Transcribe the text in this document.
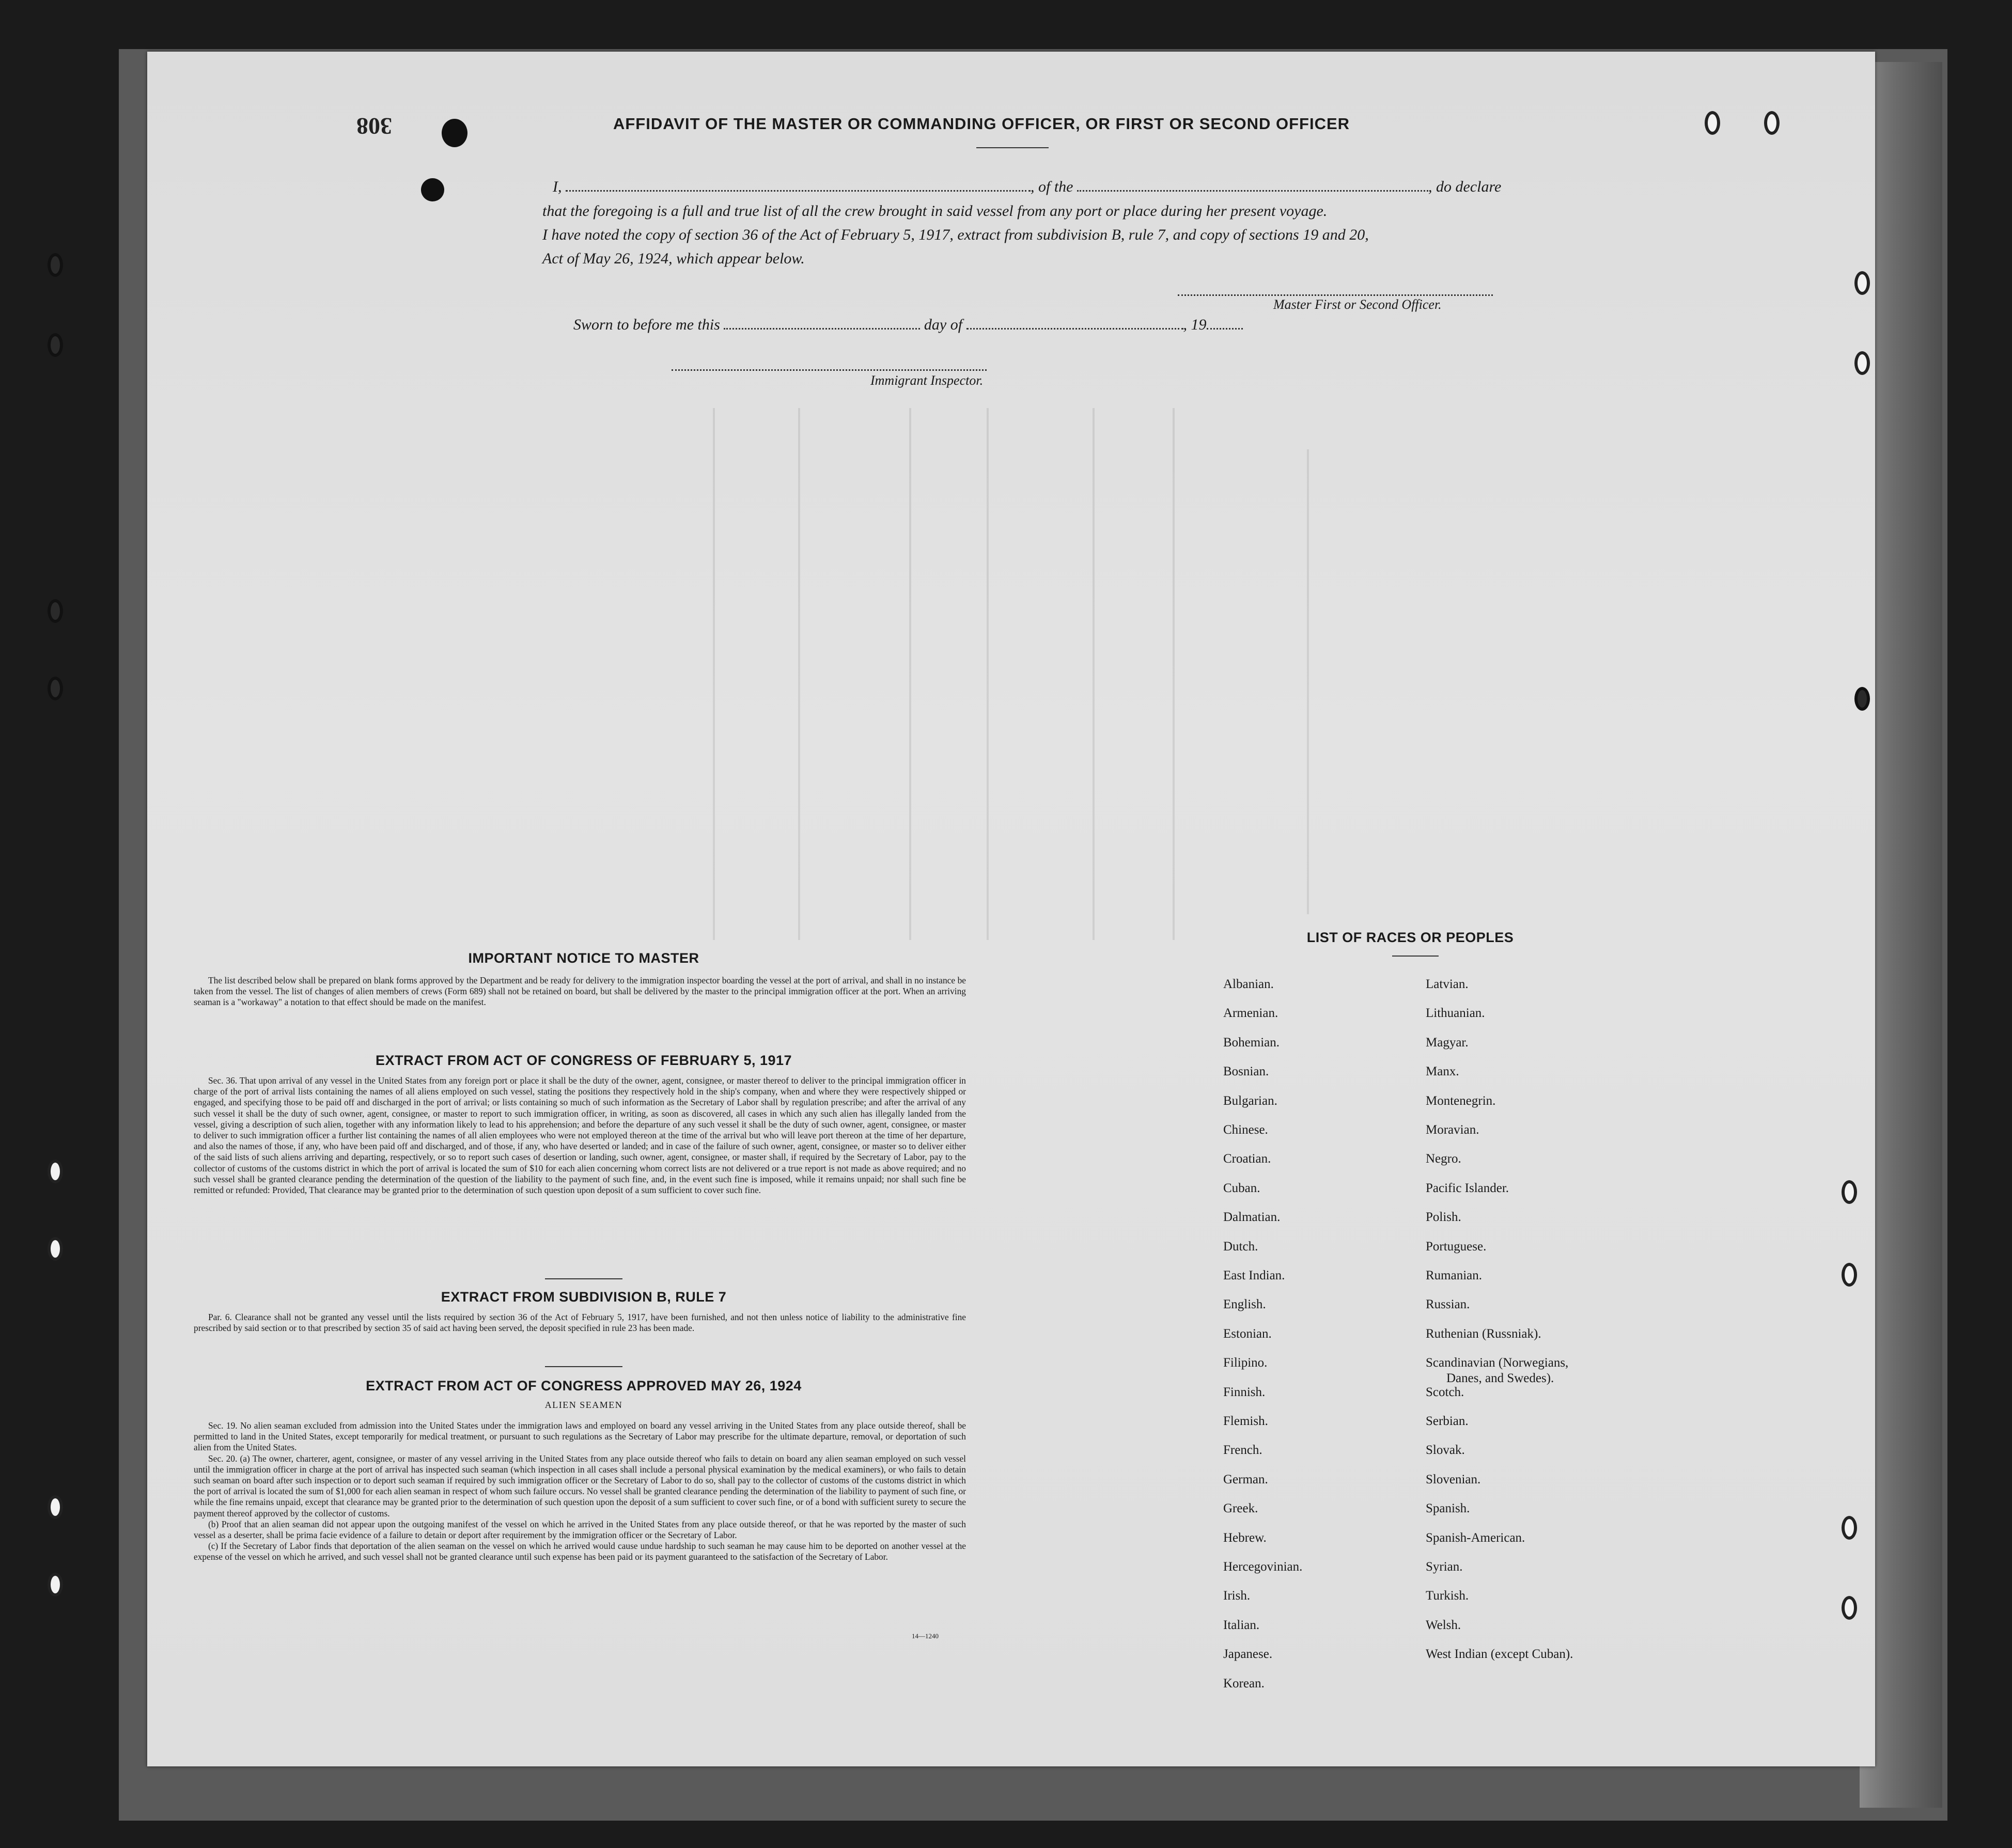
308	AFFIDAVIT OF THE MASTER OR COMMANDING OFFICER, OR FIRST OR SECOND OFFICER
I,	, of the	, do declare
that the foregoing is a full and true list of all the crew brought in said vessel from any port or place during her present voyage.
I have noted the copy of section 36 of the Act of February 5, 1917, extract from subdivision B, rule 7, and copy of sections 19 and 20,
Act of May 26, 1924, which appear below.
Master First or Second Officer.
Sworn to before me this	day of	, 19
Immigrant Inspector.
IMPORTANT NOTICE TO MASTER

The list described below shall be prepared on blank forms approved by the Department and be ready for delivery to the immigration inspector boarding the vessel at the port of arrival, and shall in no instance be taken from the vessel. The list of changes of alien members of crews (Form 689) shall not be retained on board, but shall be delivered by the master to the principal immigration officer at the port. When an arriving seaman is a "workaway" a notation to that effect should be made on the manifest.

EXTRACT FROM ACT OF CONGRESS OF FEBRUARY 5, 1917

Sec. 36. That upon arrival of any vessel in the United States from any foreign port or place it shall be the duty of the owner, agent, consignee, or master thereof to deliver to the principal immigration officer in charge of the port of arrival lists containing the names of all aliens employed on such vessel, stating the positions they respectively hold in the ship's company, when and where they were respectively shipped or engaged, and specifying those to be paid off and discharged in the port of arrival; or lists containing so much of such information as the Secretary of Labor shall by regulation prescribe; and after the arrival of any such vessel it shall be the duty of such owner, agent, consignee, or master to report to such immigration officer, in writing, as soon as discovered, all cases in which any such alien has illegally landed from the vessel, giving a description of such alien, together with any information likely to lead to his apprehension; and before the departure of any such vessel it shall be the duty of such owner, agent, consignee, or master to deliver to such immigration officer a further list containing the names of all alien employees who were not employed thereon at the time of the arrival but who will leave port thereon at the time of her departure, and also the names of those, if any, who have been paid off and discharged, and of those, if any, who have deserted or landed; and in case of the failure of such owner, agent, consignee, or master so to deliver either of the said lists of such aliens arriving and departing, respectively, or so to report such cases of desertion or landing, such owner, agent, consignee, or master shall, if required by the Secretary of Labor, pay to the collector of customs of the customs district in which the port of arrival is located the sum of $10 for each alien concerning whom correct lists are not delivered or a true report is not made as above required; and no such vessel shall be granted clearance pending the determination of the question of the liability to the payment of such fine, and, in the event such fine is imposed, while it remains unpaid; nor shall such fine be remitted or refunded: Provided, That clearance may be granted prior to the determination of such question upon deposit of a sum sufficient to cover such fine.

EXTRACT FROM SUBDIVISION B, RULE 7

Par. 6. Clearance shall not be granted any vessel until the lists required by section 36 of the Act of February 5, 1917, have been furnished, and not then unless notice of liability to the administrative fine prescribed by said section or to that prescribed by section 35 of said act having been served, the deposit specified in rule 23 has been made.

EXTRACT FROM ACT OF CONGRESS APPROVED MAY 26, 1924
ALIEN SEAMEN

Sec. 19. No alien seaman excluded from admission into the United States under the immigration laws and employed on board any vessel arriving in the United States from any place outside thereof, shall be permitted to land in the United States, except temporarily for medical treatment, or pursuant to such regulations as the Secretary of Labor may prescribe for the ultimate departure, removal, or deportation of such alien from the United States.

Sec. 20. (a) The owner, charterer, agent, consignee, or master of any vessel arriving in the United States from any place outside thereof who fails to detain on board any alien seaman employed on such vessel until the immigration officer in charge at the port of arrival has inspected such seaman (which inspection in all cases shall include a personal physical examination by the medical examiners), or who fails to detain such seaman on board after such inspection or to deport such seaman if required by such immigration officer or the Secretary of Labor to do so, shall pay to the collector of customs of the customs district in which the port of arrival is located the sum of $1,000 for each alien seaman in respect of whom such failure occurs. No vessel shall be granted clearance pending the determination of the liability to payment of such fine, or while the fine remains unpaid, except that clearance may be granted prior to the determination of such question upon the deposit of a sum sufficient to cover such fine, or of a bond with sufficient surety to secure the payment thereof approved by the collector of customs.

(b) Proof that an alien seaman did not appear upon the outgoing manifest of the vessel on which he arrived in the United States from any place outside thereof, or that he was reported by the master of such vessel as a deserter, shall be prima facie evidence of a failure to detain or deport after requirement by the immigration officer or the Secretary of Labor.

(c) If the Secretary of Labor finds that deportation of the alien seaman on the vessel on which he arrived would cause undue hardship to such seaman he may cause him to be deported on another vessel at the expense of the vessel on which he arrived, and such vessel shall not be granted clearance until such expense has been paid or its payment guaranteed to the satisfaction of the Secretary of Labor.

14—1240
LIST OF RACES OR PEOPLES
Albanian.
Armenian.
Bohemian.
Bosnian.
Bulgarian.
Chinese.
Croatian.
Cuban.
Dalmatian.
Dutch.
East Indian.
English.
Estonian.
Filipino.
Finnish.
Flemish.
French.
German.
Greek.
Hebrew.
Hercegovinian.
Irish.
Italian.
Japanese.
Korean.
Latvian.
Lithuanian.
Magyar.
Manx.
Montenegrin.
Moravian.
Negro.
Pacific Islander.
Polish.
Portuguese.
Rumanian.
Russian.
Ruthenian (Russniak).
Scandinavian (Norwegians,
Danes, and Swedes).
Scotch.
Serbian.
Slovak.
Slovenian.
Spanish.
Spanish-American.
Syrian.
Turkish.
Welsh.
West Indian (except Cuban).
